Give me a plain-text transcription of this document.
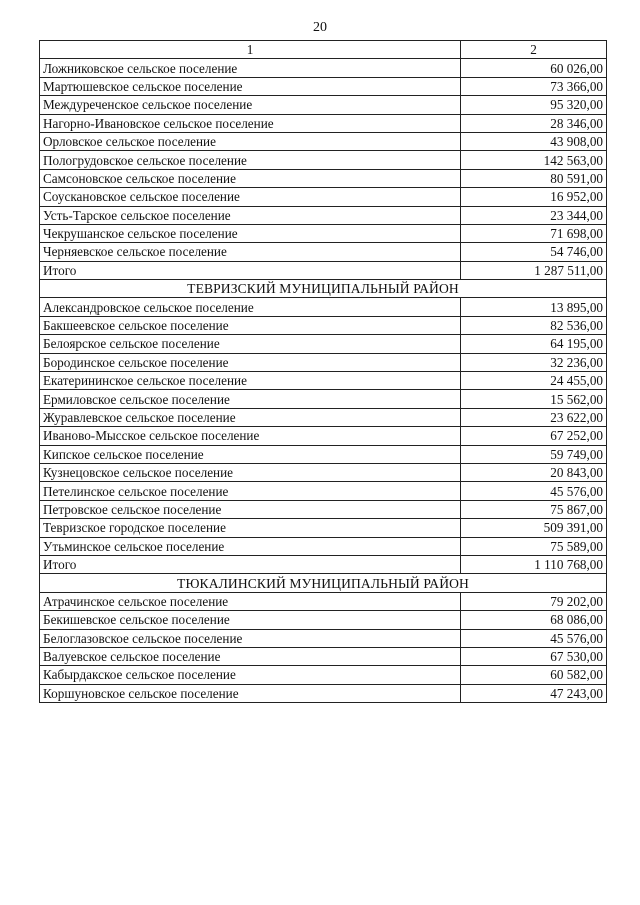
20
1	2
Ложниковское сельское поселение	60 026,00
Мартюшевское сельское поселение	73 366,00
Междуреченское сельское поселение	95 320,00
Нагорно-Ивановское сельское поселение	28 346,00
Орловское сельское поселение	43 908,00
Пологрудовское сельское поселение	142 563,00
Самсоновское сельское поселение	80 591,00
Соускановское сельское поселение	16 952,00
Усть-Тарское сельское поселение	23 344,00
Чекрушанское сельское поселение	71 698,00
Черняевское сельское поселение	54 746,00
Итого	1 287 511,00
ТЕВРИЗСКИЙ МУНИЦИПАЛЬНЫЙ РАЙОН	
Александровское сельское поселение	13 895,00
Бакшеевское сельское поселение	82 536,00
Белоярское сельское поселение	64 195,00
Бородинское сельское поселение	32 236,00
Екатерининское сельское поселение	24 455,00
Ермиловское сельское поселение	15 562,00
Журавлевское сельское поселение	23 622,00
Иваново-Мысское сельское поселение	67 252,00
Кипское сельское поселение	59 749,00
Кузнецовское сельское поселение	20 843,00
Петелинское сельское поселение	45 576,00
Петровское сельское поселение	75 867,00
Тевризское городское поселение	509 391,00
Утьминское сельское поселение	75 589,00
Итого	1 110 768,00
ТЮКАЛИНСКИЙ МУНИЦИПАЛЬНЫЙ РАЙОН	
Атрачинское сельское поселение	79 202,00
Бекишевское сельское поселение	68 086,00
Белоглазовское сельское поселение	45 576,00
Валуевское сельское поселение	67 530,00
Кабырдакское сельское поселение	60 582,00
Коршуновское сельское поселение	47 243,00
